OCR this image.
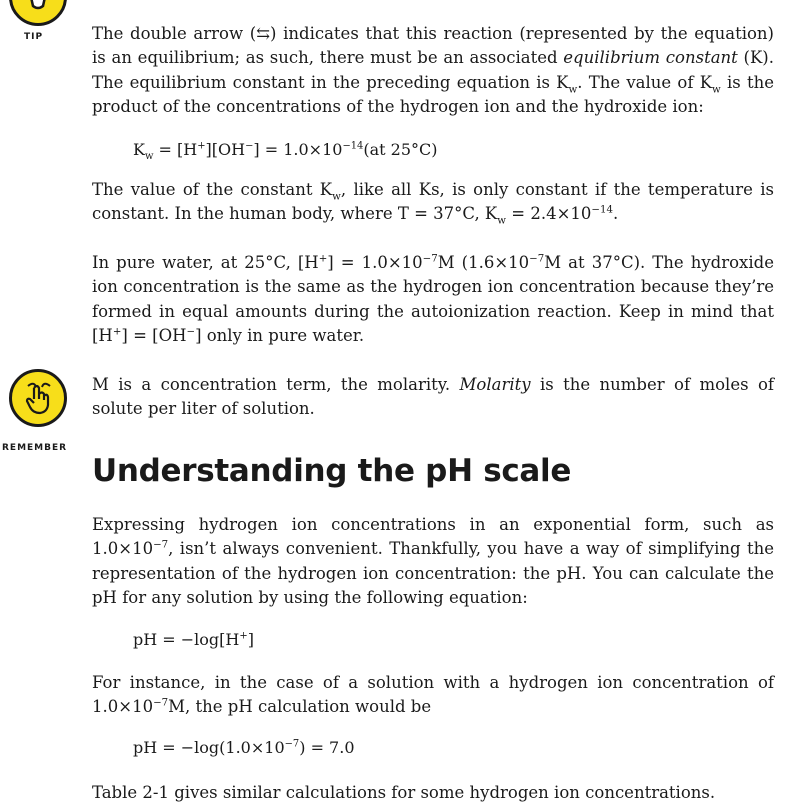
TIP	The double arrow (⇆) indicates that this reaction (represented by the equation) is an equilibrium; as such, there must be an associated equilibrium constant (K). The equilibrium constant in the preceding equation is $K_w$. The value of $K_w$ is the product of the concentrations of the hydrogen ion and the hydroxide ion:

$K_w = [H^+][OH^-] = 1.0\times 10^{-14}(at$ 25°C)

The value of the constant $K_w$, like all Ks, is only constant if the temperature is constant. In the human body, where T = 37°C, $K_w = 2.4\times 10^{-14}$.

In pure water, at 25°C, $[H^+] = 1.0\times 10^{-7}M$ ($1.6\times 10^{-7}M$ at 37°C). The hydroxide ion concentration is the same as the hydrogen ion concentration because they’re formed in equal amounts during the autoionization reaction. Keep in mind that [H+] = [OH−] only in pure water.

REMEMBER

M is a concentration term, the molarity. Molarity is the number of moles of solute per liter of solution.

Understanding the pH scale

Expressing hydrogen ion concentrations in an exponential form, such as $1.0\times 10^{-7}$, isn’t always convenient. Thankfully, you have a way of simplifying the representation of the hydrogen ion concentration: the pH. You can calculate the pH for any solution by using the following equation:

pH = −log[H+]

For instance, in the case of a solution with a hydrogen ion concentration of $1.0\times 10^{-7}M$, the pH calculation would be

pH = $-\log(1.0\times 10^{-7}) = 7.0$

Table 2-1 gives similar calculations for some hydrogen ion concentrations.
